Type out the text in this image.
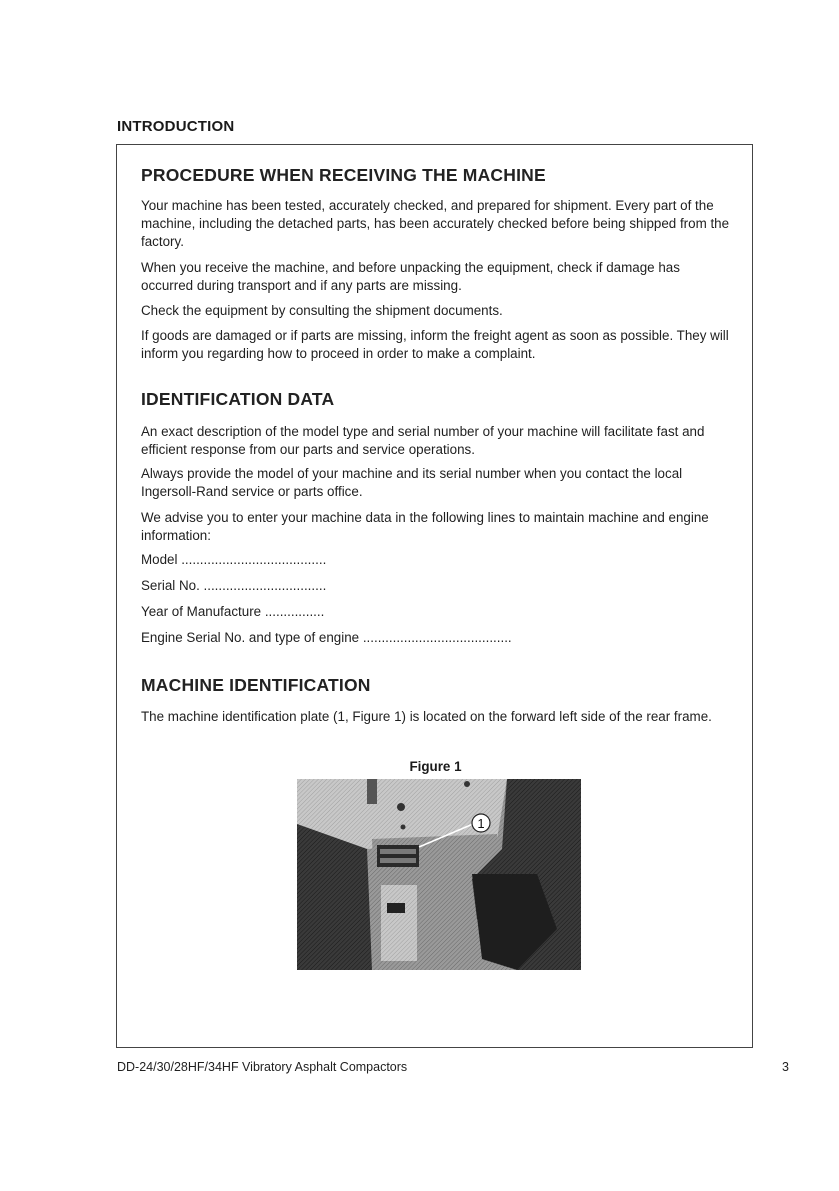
INTRODUCTION
PROCEDURE WHEN RECEIVING THE MACHINE

Your machine has been tested, accurately checked, and prepared for shipment. Every part of the machine, including the detached parts, has been accurately checked before being shipped from the factory.

When you receive the machine, and before unpacking the equipment, check if damage has occurred during transport and if any parts are missing.

Check the equipment by consulting the shipment documents.

If goods are damaged or if parts are missing, inform the freight agent as soon as possible. They will inform you regarding how to proceed in order to make a complaint.

IDENTIFICATION DATA

An exact description of the model type and serial number of your machine will facilitate fast and efficient response from our parts and service operations.

Always provide the model of your machine and its serial number when you contact the local Ingersoll-Rand service or parts office.

We advise you to enter your machine data in the following lines to maintain machine and engine information:

Model .......................................

Serial No. .................................

Year of Manufacture ................

Engine Serial No. and type of engine ........................................

MACHINE IDENTIFICATION

The machine identification plate (1, Figure 1) is located on the forward left side of the rear frame.

Figure 1
1
DD-24/30/28HF/34HF Vibratory Asphalt Compactors	3
